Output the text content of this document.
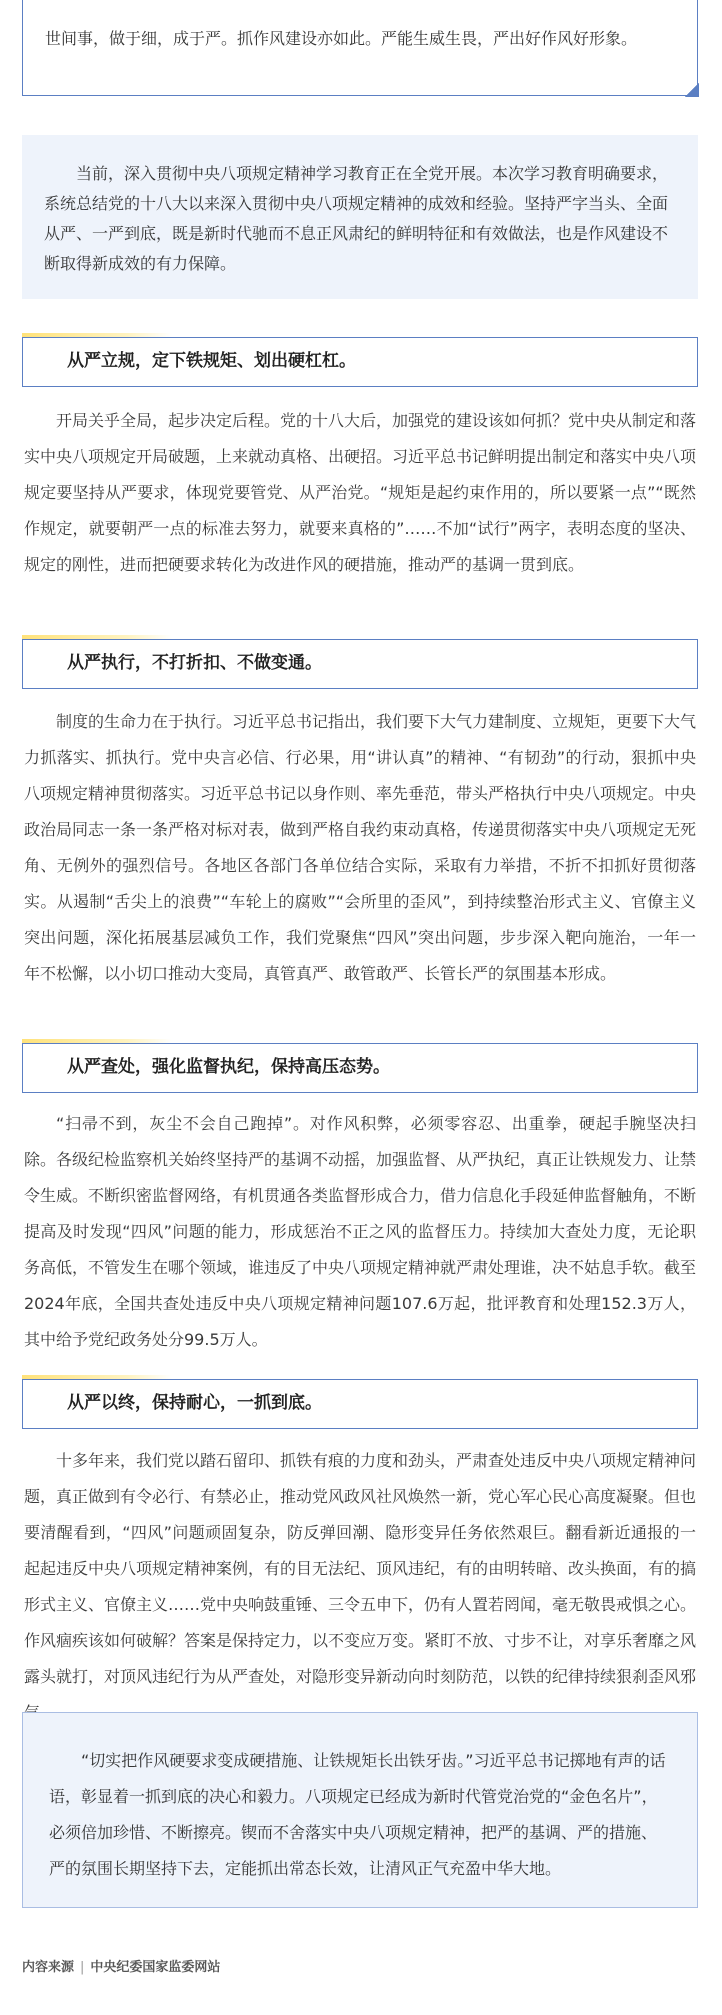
世间事，做于细，成于严。抓作风建设亦如此。严能生威生畏，严出好作风好形象。
当前，深入贯彻中央八项规定精神学习教育正在全党开展。本次学习教育明确要求，系统总结党的十八大以来深入贯彻中央八项规定精神的成效和经验。坚持严字当头、全面从严、一严到底，既是新时代驰而不息正风肃纪的鲜明特征和有效做法，也是作风建设不断取得新成效的有力保障。
从严立规，定下铁规矩、划出硬杠杠。
开局关乎全局，起步决定后程。党的十八大后，加强党的建设该如何抓？党中央从制定和落实中央八项规定开局破题，上来就动真格、出硬招。习近平总书记鲜明提出制定和落实中央八项规定要坚持从严要求，体现党要管党、从严治党。“规矩是起约束作用的，所以要紧一点”“既然作规定，就要朝严一点的标准去努力，就要来真格的”……不加“试行”两字，表明态度的坚决、规定的刚性，进而把硬要求转化为改进作风的硬措施，推动严的基调一贯到底。
从严执行，不打折扣、不做变通。
制度的生命力在于执行。习近平总书记指出，我们要下大气力建制度、立规矩，更要下大气力抓落实、抓执行。党中央言必信、行必果，用“讲认真”的精神、“有韧劲”的行动，狠抓中央八项规定精神贯彻落实。习近平总书记以身作则、率先垂范，带头严格执行中央八项规定。中央政治局同志一条一条严格对标对表，做到严格自我约束动真格，传递贯彻落实中央八项规定无死角、无例外的强烈信号。各地区各部门各单位结合实际，采取有力举措，不折不扣抓好贯彻落实。从遏制“舌尖上的浪费”“车轮上的腐败”“会所里的歪风”，到持续整治形式主义、官僚主义突出问题，深化拓展基层减负工作，我们党聚焦“四风”突出问题，步步深入靶向施治，一年一年不松懈，以小切口推动大变局，真管真严、敢管敢严、长管长严的氛围基本形成。
从严查处，强化监督执纪，保持高压态势。
“扫帚不到，灰尘不会自己跑掉”。对作风积弊，必须零容忍、出重拳，硬起手腕坚决扫除。各级纪检监察机关始终坚持严的基调不动摇，加强监督、从严执纪，真正让铁规发力、让禁令生威。不断织密监督网络，有机贯通各类监督形成合力，借力信息化手段延伸监督触角，不断提高及时发现“四风”问题的能力，形成惩治不正之风的监督压力。持续加大查处力度，无论职务高低，不管发生在哪个领域，谁违反了中央八项规定精神就严肃处理谁，决不姑息手软。截至2024年底，全国共查处违反中央八项规定精神问题107.6万起，批评教育和处理152.3万人，其中给予党纪政务处分99.5万人。
从严以终，保持耐心，一抓到底。
十多年来，我们党以踏石留印、抓铁有痕的力度和劲头，严肃查处违反中央八项规定精神问题，真正做到有令必行、有禁必止，推动党风政风社风焕然一新，党心军心民心高度凝聚。但也要清醒看到，“四风”问题顽固复杂，防反弹回潮、隐形变异任务依然艰巨。翻看新近通报的一起起违反中央八项规定精神案例，有的目无法纪、顶风违纪，有的由明转暗、改头换面，有的搞形式主义、官僚主义……党中央响鼓重锤、三令五申下，仍有人置若罔闻，毫无敬畏戒惧之心。作风痼疾该如何破解？答案是保持定力，以不变应万变。紧盯不放、寸步不让，对享乐奢靡之风露头就打，对顶风违纪行为从严查处，对隐形变异新动向时刻防范，以铁的纪律持续狠刹歪风邪
“切实把作风硬要求变成硬措施、让铁规矩长出铁牙齿。”习近平总书记掷地有声的话语，彰显着一抓到底的决心和毅力。八项规定已经成为新时代管党治党的“金色名片”，必须倍加珍惜、不断擦亮。锲而不舍落实中央八项规定精神，把严的基调、严的措施、严的氛围长期坚持下去，定能抓出常态长效，让清风正气充盈中华大地。
内容来源 | 中央纪委国家监委网站
